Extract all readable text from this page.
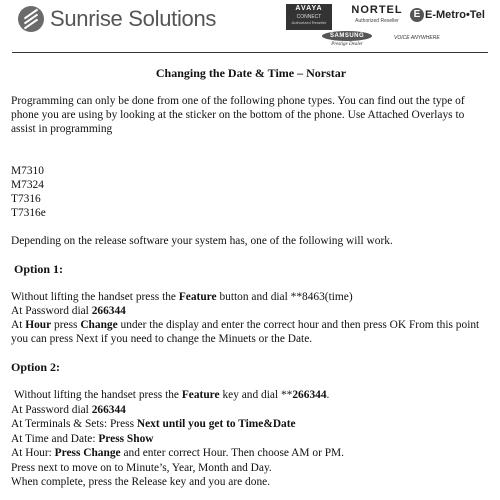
Sunrise Solutions	AVAYA
CONNECT
Authorized Reseller
NORTEL
Authorized Reseller
E E-Metro•Tel
SAMSUNG
Prestige Dealer
VOICE ANYWHERE
Changing the Date & Time – Norstar

Programming can only be done from one of the following phone types. You can find out the type of phone you are using by looking at the sticker on the bottom of the phone. Use Attached Overlays to assist in programming

M7310
M7324
T7316
T7316e

Depending on the release software your system has, one of the following will work.

Option 1:

Without lifting the handset press the Feature button and dial **8463(time)

At Password dial 266344

At Hour press Change under the display and enter the correct hour and then press OK From this point you can press Next if you need to change the Minuets or the Date.

Option 2:

Without lifting the handset press the Feature key and dial **266344.

At Password dial 266344

At Terminals & Sets: Press Next until you get to Time&Date

At Time and Date: Press Show

At Hour: Press Change and enter correct Hour. Then choose AM or PM.

Press next to move on to Minute’s, Year, Month and Day.

When complete, press the Release key and you are done.
